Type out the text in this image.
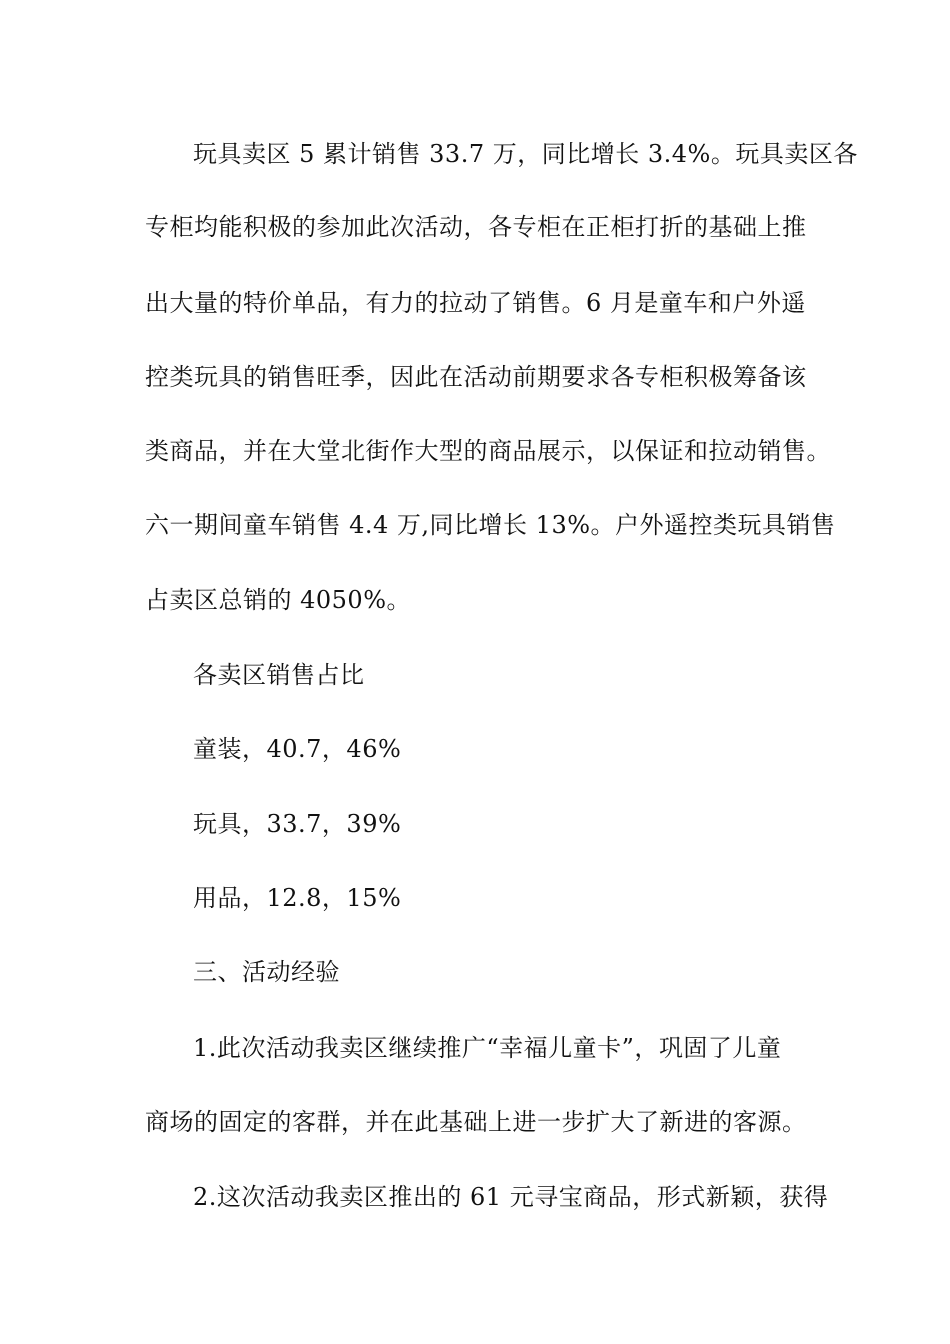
玩具卖区 5 累计销售 33.7 万，同比增长 3.4%。玩具卖区各
专柜均能积极的参加此次活动，各专柜在正柜打折的基础上推
出大量的特价单品，有力的拉动了销售。6 月是童车和户外遥
控类玩具的销售旺季，因此在活动前期要求各专柜积极筹备该
类商品，并在大堂北街作大型的商品展示，以保证和拉动销售。
六一期间童车销售 4.4 万,同比增长 13%。户外遥控类玩具销售
占卖区总销的 4050%。
各卖区销售占比
童装，40.7，46%
玩具，33.7，39%
用品，12.8，15%
三、活动经验
1.此次活动我卖区继续推广“幸福儿童卡”，巩固了儿童
商场的固定的客群，并在此基础上进一步扩大了新进的客源。
2.这次活动我卖区推出的 61 元寻宝商品，形式新颖，获得
